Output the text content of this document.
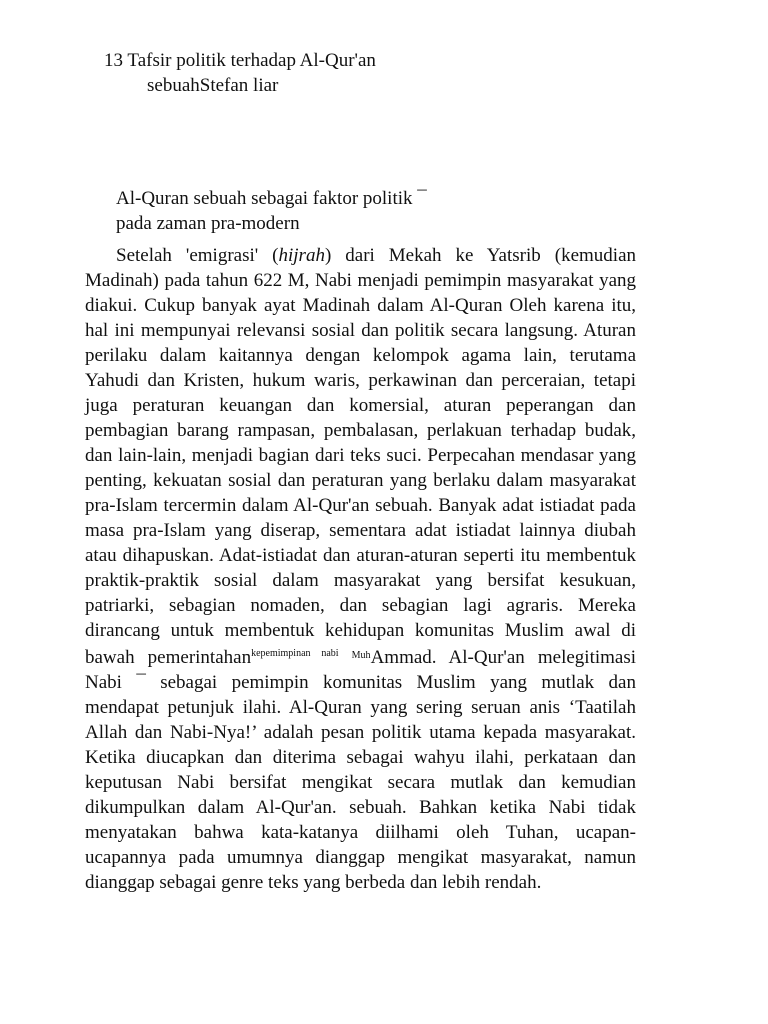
13 Tafsir politik terhadap Al-Qur'an
sebuahStefan liar
Al-Quran sebuah sebagai faktor politik ¯
pada zaman pra-modern

Setelah 'emigrasi' (hijrah) dari Mekah ke Yatsrib (kemudian Madinah) pada tahun 622 M, Nabi menjadi pemimpin masyarakat yang diakui. Cukup banyak ayat Madinah dalam Al-Quran Oleh karena itu, hal ini mempunyai relevansi sosial dan politik secara langsung. Aturan perilaku dalam kaitannya dengan kelompok agama lain, terutama Yahudi dan Kristen, hukum waris, perkawinan dan perceraian, tetapi juga peraturan keuangan dan komersial, aturan peperangan dan pembagian barang rampasan, pembalasan, perlakuan terhadap budak, dan lain-lain, menjadi bagian dari teks suci. Perpecahan mendasar yang penting, kekuatan sosial dan peraturan yang berlaku dalam masyarakat pra-Islam tercermin dalam Al-Qur'an sebuah. Banyak adat istiadat pada masa pra-Islam yang diserap, sementara adat istiadat lainnya diubah atau dihapuskan. Adat-istiadat dan aturan-aturan seperti itu membentuk praktik-praktik sosial dalam masyarakat yang bersifat kesukuan, patriarki, sebagian nomaden, dan sebagian lagi agraris. Mereka dirancang untuk membentuk kehidupan komunitas Muslim awal di bawah pemerintahan$^{kepemimpinan nabi}$ $^{Muh}$Ammad. Al-Qur'an melegitimasi Nabi ¯ sebagai pemimpin komunitas Muslim yang mutlak dan mendapat petunjuk ilahi. Al-Quran yang sering seruan anis ‘Taatilah Allah dan Nabi-Nya!’ adalah pesan politik utama kepada masyarakat. Ketika diucapkan dan diterima sebagai wahyu ilahi, perkataan dan keputusan Nabi bersifat mengikat secara mutlak dan kemudian dikumpulkan dalam Al-Qur'an. sebuah. Bahkan ketika Nabi tidak menyatakan bahwa kata-katanya diilhami oleh Tuhan, ucapan-ucapannya pada umumnya dianggap mengikat masyarakat, namun dianggap sebagai genre teks yang berbeda dan lebih rendah.
